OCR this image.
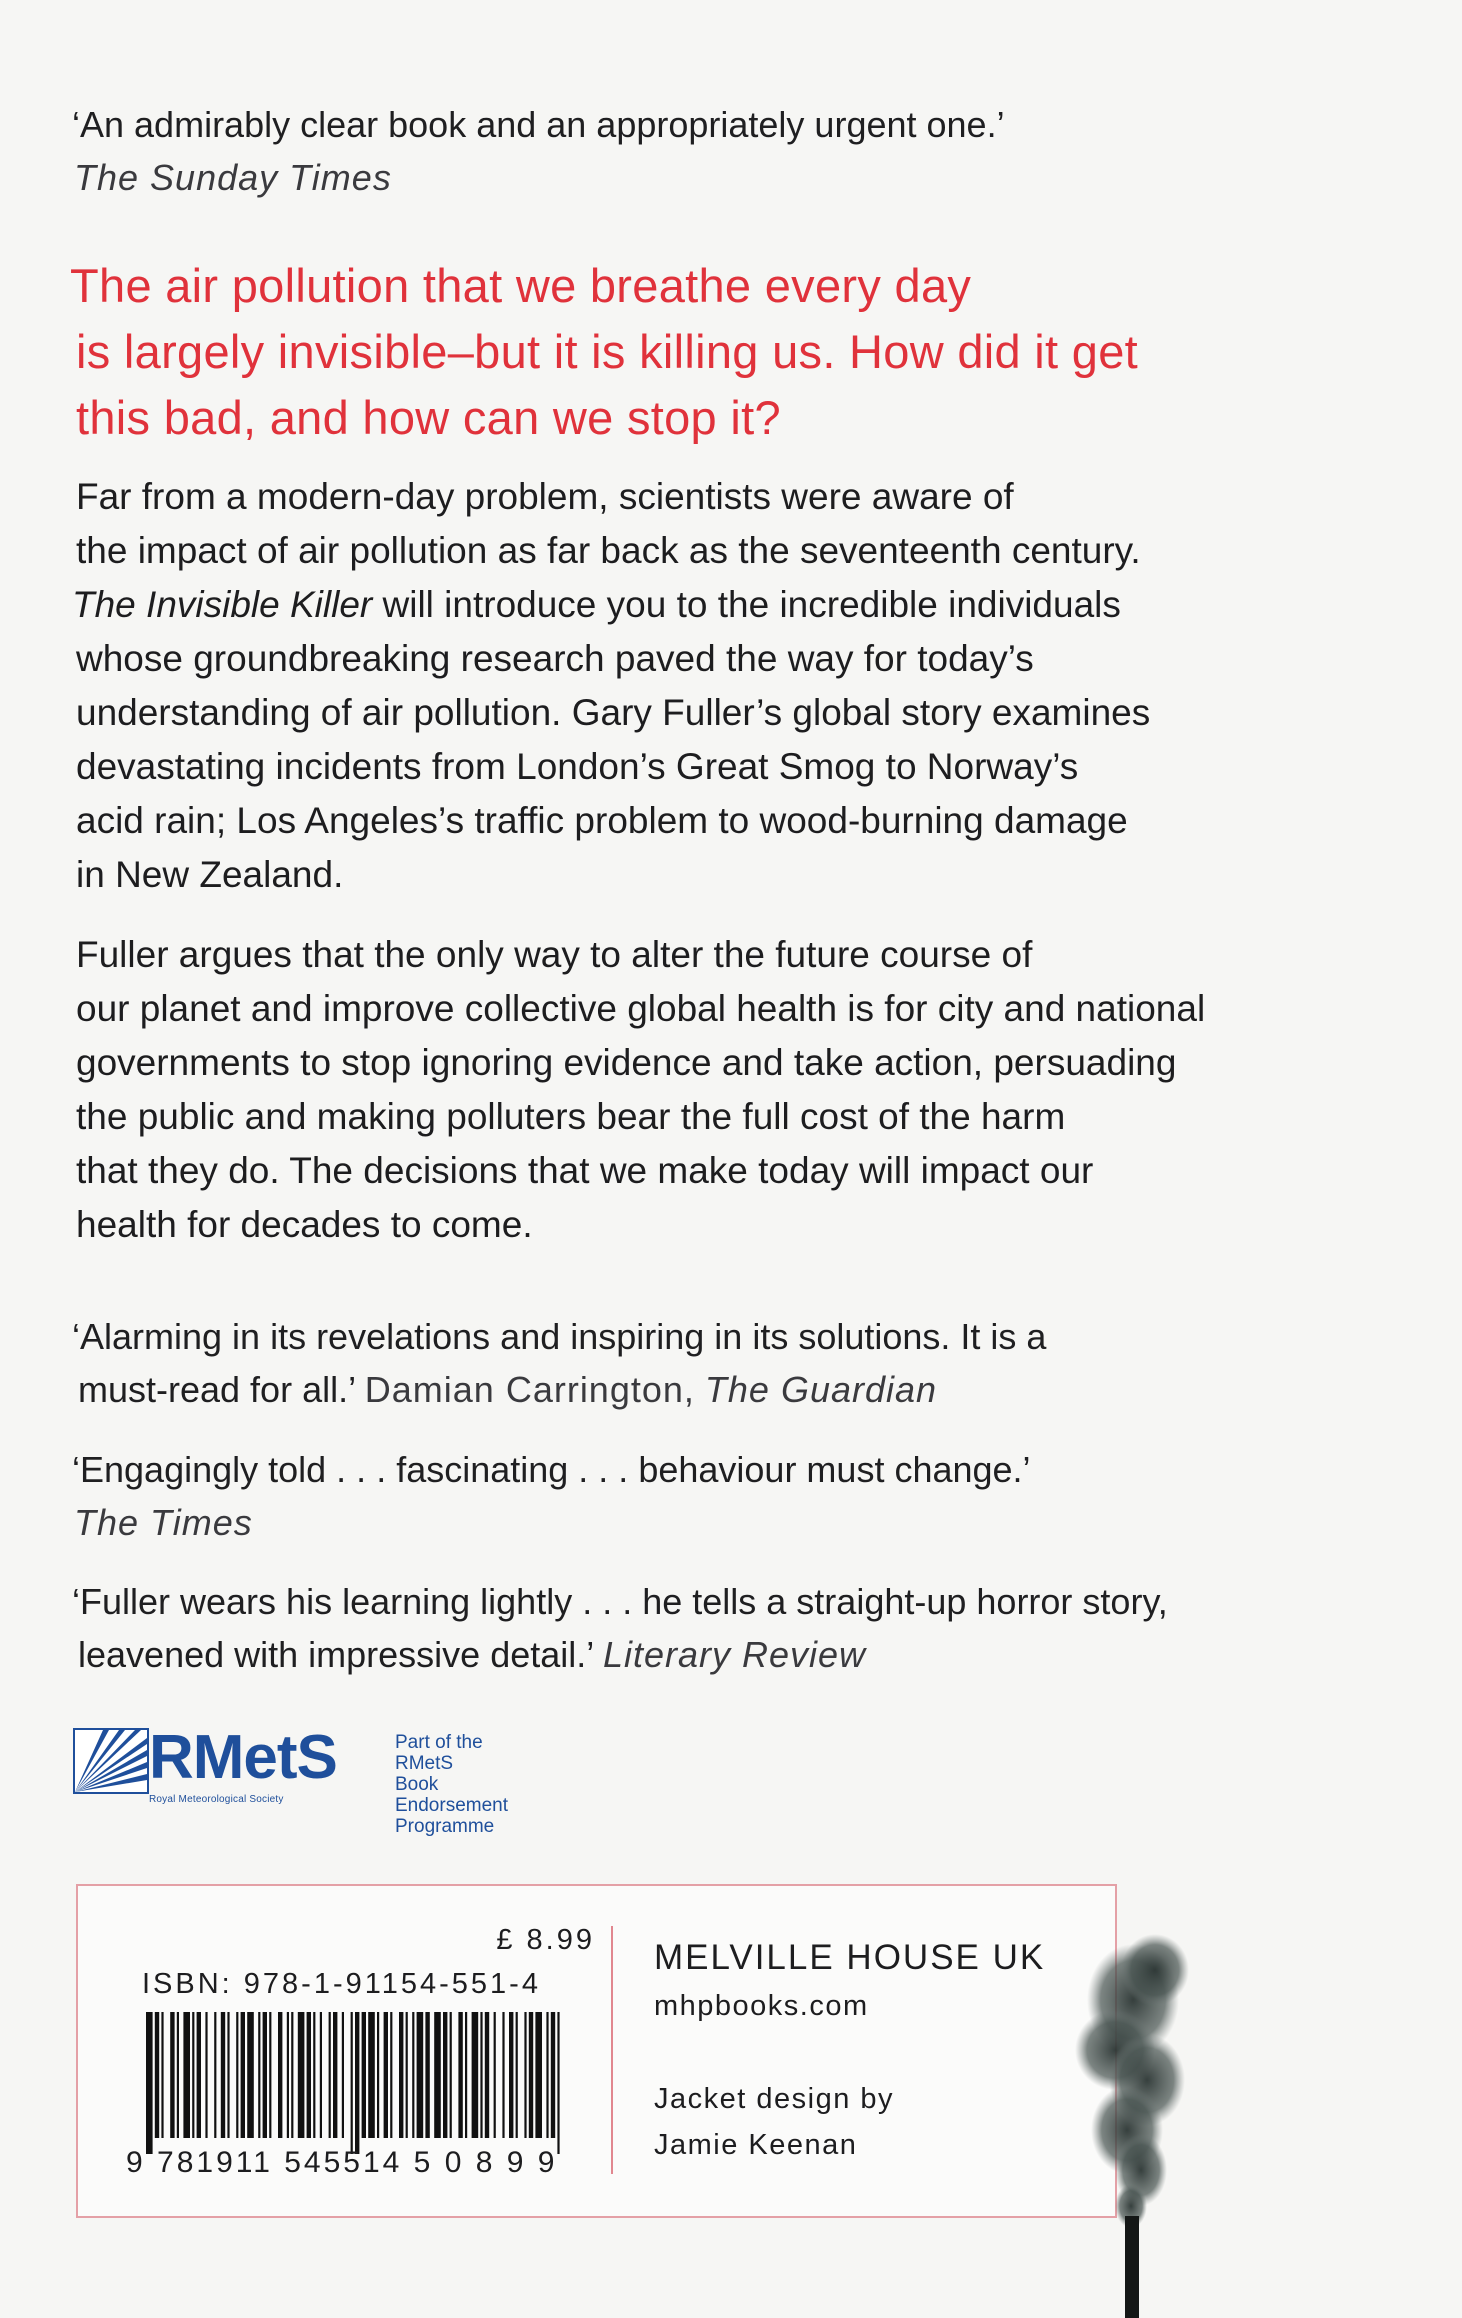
‘An admirably clear book and an appropriately urgent one.’
The Sunday Times
The air pollution that we breathe every day
is largely invisible–but it is killing us. How did it get
this bad, and how can we stop it?
Far from a modern-day problem, scientists were aware of
the impact of air pollution as far back as the seventeenth century.
The Invisible Killer will introduce you to the incredible individuals
whose groundbreaking research paved the way for today’s
understanding of air pollution. Gary Fuller’s global story examines
devastating incidents from London’s Great Smog to Norway’s
acid rain; Los Angeles’s traffic problem to wood-burning damage
in New Zealand.
Fuller argues that the only way to alter the future course of
our planet and improve collective global health is for city and national
governments to stop ignoring evidence and take action, persuading
the public and making polluters bear the full cost of the harm
that they do. The decisions that we make today will impact our
health for decades to come.
‘Alarming in its revelations and inspiring in its solutions. It is a
must-read for all.’ Damian Carrington, The Guardian
‘Engagingly told . . . fascinating . . . behaviour must change.’
The Times
‘Fuller wears his learning lightly . . . he tells a straight-up horror story,
leavened with impressive detail.’ Literary Review
RMetS
Royal Meteorological Society
Part of the RMetS
Book Endorsement
Programme
£ 8.99
ISBN: 978-1-91154-551-4
9 781911 545514 5 0 8 9 9
MELVILLE HOUSE UK
mhpbooks.com
Jacket design by
Jamie Keenan
